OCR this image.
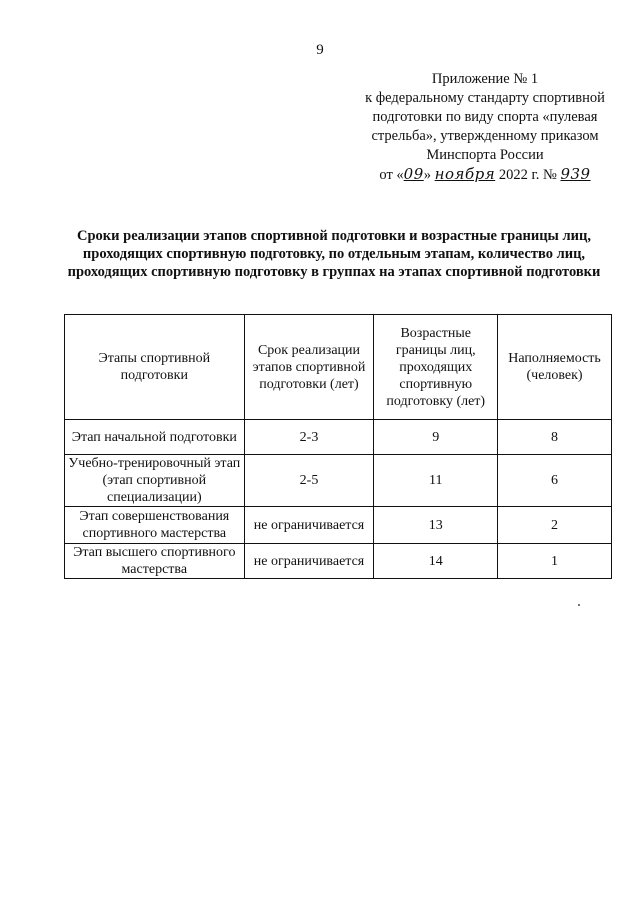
9
Приложение № 1
к федеральному стандарту спортивной
подготовки по виду спорта «пулевая
стрельба», утвержденному приказом
Минспорта России
от «09» ноября 2022 г. № 939
Сроки реализации этапов спортивной подготовки и возрастные границы лиц, проходящих спортивную подготовку, по отдельным этапам, количество лиц, проходящих спортивную подготовку в группах на этапах спортивной подготовки
Этапы спортивной подготовки	Срок реализации этапов спортивной подготовки (лет)	Возрастные границы лиц, проходящих спортивную подготовку (лет)	Наполняемость (человек)
Этап начальной подготовки	2-3	9	8
Учебно-тренировочный этап (этап спортивной специализации)	2-5	11	6
Этап совершенствования спортивного мастерства	не ограничивается	13	2
Этап высшего спортивного мастерства	не ограничивается	14	1
